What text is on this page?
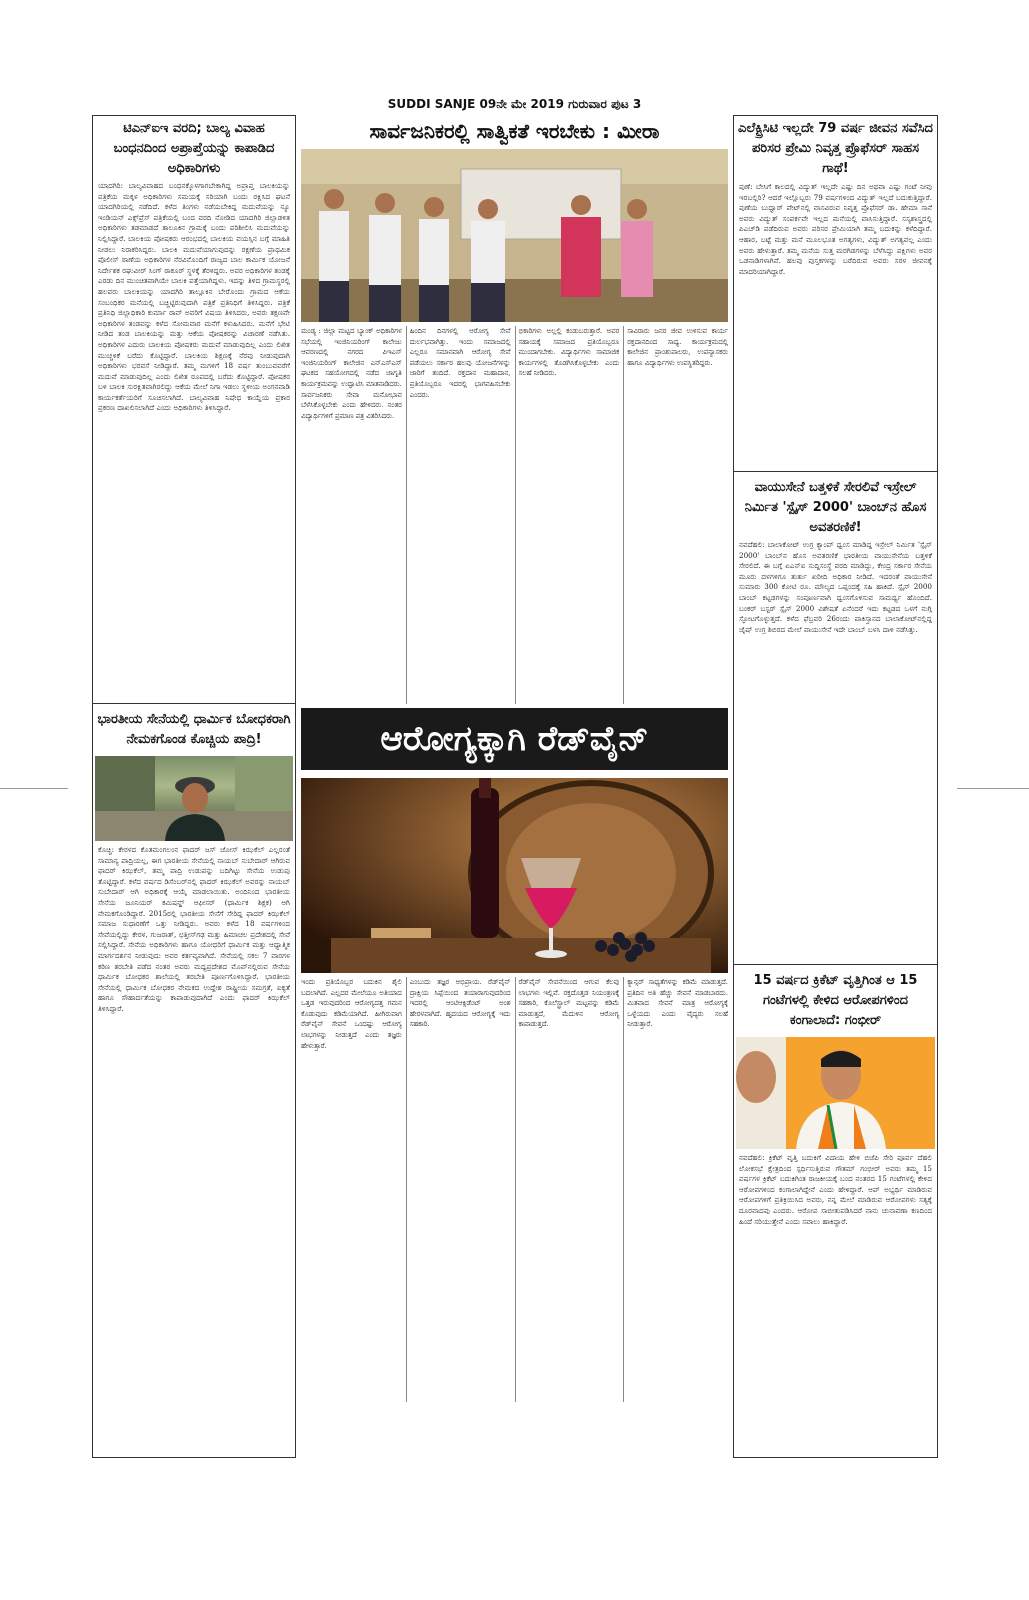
SUDDI SANJE 09ನೇ ಮೇ 2019 ಗುರುವಾರ ಪುಟ 3
ಟಿಎನ್‌ಐಇ ವರದಿ; ಬಾಲ್ಯ ವಿವಾಹ ಬಂಧನದಿಂದ ಅಪ್ರಾಪ್ತೆಯನ್ನು ಕಾಪಾಡಿದ ಅಧಿಕಾರಿಗಳು

ಯಾದಗಿರಿ: ಬಾಲ್ಯವಿವಾಹದ ಬಂಧನಕ್ಕೊಳಗಾಗಬೇಕಾಗಿದ್ದ ಅಪ್ರಾಪ್ತ ಬಾಲಕಿಯನ್ನು ಪತ್ರಿಕೆಯ ಮಕ್ಕಳ ಅಧಿಕಾರಿಗಳು ಸಮಯಕ್ಕೆ ಸರಿಯಾಗಿ ಬಂದು ರಕ್ಷಿಸಿದ ಘಟನೆ ಯಾದಗಿರಿಯಲ್ಲಿ ನಡೆದಿದೆ. ಕಳೆದ ತಿಂಗಳು ನಡೆಯಬೇಕಿದ್ದ ಮದುವೆಯನ್ನು ನ್ಯೂ ಇಂಡಿಯನ್ ಎಕ್ಸ್‌ಪ್ರೆಸ್ ಪತ್ರಿಕೆಯಲ್ಲಿ ಬಂದ ವರದಿ ನೋಡಿದ ಯಾದಗಿರಿ ಜಿಲ್ಲಾಡಳಿತ ಅಧಿಕಾರಿಗಳು ತಡಮಾಡದೆ ತಾಲೂಕಿನ ಗ್ರಾಮಕ್ಕೆ ಬಂದು ಪರಿಶೀಲಿಸಿ ಮದುವೆಯನ್ನು ನಿಲ್ಲಿಸಿದ್ದಾರೆ. ಬಾಲಕಿಯ ಪೋಷಕರು ಆರಂಭದಲ್ಲಿ ಬಾಲಕಿಯ ವಯಸ್ಸಿನ ಬಗ್ಗೆ ಮಾಹಿತಿ ನೀಡಲು ನಿರಾಕರಿಸಿದ್ದರು. ಬಾಲಕಿ ಮದುವೆಯಾಗುವುದನ್ನು ರಕ್ಷಣೆಯ ಪ್ರಾಥಮಿಕ ಪೊಲೀಸ್ ಠಾಣೆಯ ಅಧಿಕಾರಿಗಳ ನೆರವಿನೊಂದಿಗೆ ರಾಜ್ಯದ ಬಾಲ ಕಾರ್ಮಿಕ ಯೋಜನೆ ನಿರ್ದೇಶಕ ರಘುವೀರ್ ಸಿಂಗ್ ಠಾಕೂರ್ ಸ್ಥಳಕ್ಕೆ ತೆರಳಿದ್ದರು. ಅವರ ಅಧಿಕಾರಿಗಳ ತಂಡಕ್ಕೆ ಎರಡು ದಿನ ಮುಂಚಿತವಾಗಿಯೇ ಬಾಲಕಿ ಪತ್ತೆಯಾಗಿದ್ದಳು. ಇದನ್ನು ತಿಳಿದ ಗ್ರಾಮಸ್ಥರಲ್ಲಿ ಹಲವರು ಬಾಲಕಿಯನ್ನು ಯಾದಗಿರಿ ತಾಲ್ಲೂಕಿನ ಬೇರೊಂದು ಗ್ರಾಮದ ಆಕೆಯ ಸಂಬಂಧಿಕರ ಮನೆಯಲ್ಲಿ ಬಚ್ಚಿಟ್ಟಿರುವುದಾಗಿ ಪತ್ರಿಕೆ ಪ್ರತಿನಿಧಿಗೆ ತಿಳಿಸಿದ್ದರು. ಪತ್ರಿಕೆ ಪ್ರತಿನಿಧಿ ಜಿಲ್ಲಾಧಿಕಾರಿ ಕುರ್ಮಾ ರಾವ್ ಅವರಿಗೆ ವಿಷಯ ತಿಳಿಸಿದರು, ಅವರು ತಕ್ಷಣವೇ ಅಧಿಕಾರಿಗಳ ತಂಡವನ್ನು ಕಳೆದ ಸೋಮವಾರ ಮನೆಗೆ ಕಳುಹಿಸಿದರು. ಮನೆಗೆ ಭೇಟಿ ನೀಡಿದ ತಂಡ ಬಾಲಕಿಯನ್ನು ಮತ್ತು ಆಕೆಯ ಪೋಷಕರನ್ನು ವಿಚಾರಣೆ ನಡೆಸಿತು. ಅಧಿಕಾರಿಗಳ ಎದುರು ಬಾಲಕಿಯ ಪೋಷಕರು ಮದುವೆ ಮಾಡುವುದಿಲ್ಲ ಎಂದು ಲಿಖಿತ ಮುಚ್ಚಳಿಕೆ ಬರೆದು ಕೊಟ್ಟಿದ್ದಾರೆ. ಬಾಲಕಿಯ ಶಿಕ್ಷಣಕ್ಕೆ ನೆರವು ನೀಡುವುದಾಗಿ ಅಧಿಕಾರಿಗಳು ಭರವಸೆ ನೀಡಿದ್ದಾರೆ. ತಮ್ಮ ಮಗಳಿಗೆ 18 ವರ್ಷ ತುಂಬುವವರೆಗೆ ಮದುವೆ ಮಾಡುವುದಿಲ್ಲ ಎಂದು ಲಿಖಿತ ರೂಪದಲ್ಲಿ ಬರೆದು ಕೊಟ್ಟಿದ್ದಾರೆ. ಪೋಷಕರ ಬಳಿ ಬಾಲಕಿ ಸುರಕ್ಷಿತವಾಗಿರಲಿದ್ದು ಆಕೆಯ ಮೇಲೆ ನಿಗಾ ಇಡಲು ಸ್ಥಳೀಯ ಅಂಗನವಾಡಿ ಕಾರ್ಯಕರ್ತೆಯರಿಗೆ ಸೂಚಿಸಲಾಗಿದೆ. ಬಾಲ್ಯವಿವಾಹ ನಿಷೇಧ ಕಾಯ್ದೆಯ ಪ್ರಕಾರ ಪ್ರಕರಣ ದಾಖಲಿಸಲಾಗಿದೆ ಎಂದು ಅಧಿಕಾರಿಗಳು ತಿಳಿಸಿದ್ದಾರೆ.

ಭಾರತೀಯ ಸೇನೆಯಲ್ಲಿ ಧಾರ್ಮಿಕ ಬೋಧಕರಾಗಿ ನೇಮಕಗೊಂಡ ಕೊಚ್ಚಿಯ ಪಾದ್ರಿ!

ಕೊಚ್ಚಿ: ಕೇರಳದ ಕೊತಮಂಗಲಂನ ಫಾದರ್ ಜಸ್ ಜೋಸ್ ಕಿಝಕೆಲ್ ಎಲ್ಲರಂತೆ ಸಾಮಾನ್ಯ ಪಾದ್ರಿಯಲ್ಲ, ಈಗ ಭಾರತೀಯ ಸೇನೆಯಲ್ಲಿ ನಾಯಬ್ ಸುಬೇದಾರ್ ಆಗಿರುವ ಫಾದರ್ ಕಿಝಕೆಲ್, ತಮ್ಮ ಪಾದ್ರಿ ಉಡುಪನ್ನು ಬದಿಗಿಟ್ಟು ಸೇನೆಯ ಉಡುಪು ತೊಟ್ಟಿದ್ದಾರೆ. ಕಳೆದ ವರ್ಷದ ಡಿಸೆಂಬರ್‌ನಲ್ಲಿ ಫಾದರ್ ಕಿಝಕೆಲ್ ಅವರನ್ನು ನಾಯಬ್ ಸುಬೇದಾರ್ ಆಗಿ ಅಧಿಕಾರಕ್ಕೆ ಆಯ್ಕೆ ಮಾಡಲಾಯಿತು. ಅಂದಿನಿಂದ ಭಾರತೀಯ ಸೇನೆಯ ಜೂನಿಯರ್ ಕಮಿಷನ್ಡ್ ಆಫೀಸರ್ (ಧಾರ್ಮಿಕ ಶಿಕ್ಷಕ) ಆಗಿ ನೇಮಕಗೊಂಡಿದ್ದಾರೆ. 2015ರಲ್ಲಿ ಭಾರತೀಯ ಸೇನೆಗೆ ಸೇರಿದ್ದ ಫಾದರ್ ಕಿಝಕೆಲ್ ಸಮಾಜ ಸುಧಾರಣೆಗೆ ಒತ್ತು ನೀಡಿದ್ದರು. ಅವರು ಕಳೆದ 18 ವರ್ಷಗಳಿಂದ ಸೇವೆಯಲ್ಲಿದ್ದು ಕೇರಳ, ಗುಜರಾತ್, ಛತ್ತೀಸ್‌ಗಢ ಮತ್ತು ಹಿಮಾಚಲ ಪ್ರದೇಶದಲ್ಲಿ ಸೇವೆ ಸಲ್ಲಿಸಿದ್ದಾರೆ. ಸೇನೆಯ ಅಧಿಕಾರಿಗಳು ಹಾಗೂ ಯೋಧರಿಗೆ ಧಾರ್ಮಿಕ ಮತ್ತು ಆಧ್ಯಾತ್ಮಿಕ ಮಾರ್ಗದರ್ಶನ ನೀಡುವುದು ಅವರ ಕರ್ತವ್ಯವಾಗಿದೆ. ಸೇನೆಯಲ್ಲಿ ಸಕಲ 7 ವಾರಗಳ ಕಠಿಣ ತರಬೇತಿ ಪಡೆದ ನಂತರ ಅವರು ಮಧ್ಯಪ್ರದೇಶದ ಮೊವ್‌ನಲ್ಲಿರುವ ಸೇನೆಯ ಧಾರ್ಮಿಕ ಬೋಧಕರ ಶಾಲೆಯಲ್ಲಿ ತರಬೇತಿ ಪೂರ್ಣಗೊಳಿಸಿದ್ದಾರೆ. ಭಾರತೀಯ ಸೇನೆಯಲ್ಲಿ ಧಾರ್ಮಿಕ ಬೋಧಕರ ನೇಮಕದ ಉದ್ದೇಶ ರಾಷ್ಟ್ರೀಯ ಸಮಗ್ರತೆ, ಐಕ್ಯತೆ ಹಾಗೂ ಸೌಹಾರ್ದತೆಯನ್ನು ಕಾಪಾಡುವುದಾಗಿದೆ ಎಂದು ಫಾದರ್ ಕಿಝಕೆಲ್ ತಿಳಿಸಿದ್ದಾರೆ.

ಸಾರ್ವಜನಿಕರಲ್ಲಿ ಸಾತ್ವಿಕತೆ ಇರಬೇಕು : ಮೀರಾ
ಮಂಡ್ಯ : ಜಿಲ್ಲಾ ಮಟ್ಟದ ಬ್ಯಾಂಕ್ ಅಧಿಕಾರಿಗಳ ಸಭೆಯಲ್ಲಿ ಇಂಜಿನಿಯರಿಂಗ್ ಕಾಲೇಜು ಆವರಣದಲ್ಲಿ ನಗರದ ಪಿಇಎಸ್ ಇಂಜಿನಿಯರಿಂಗ್ ಕಾಲೇಜಿನ ಎನ್‌ಎಸ್‌ಎಸ್ ಘಟಕದ ಸಹಯೋಗದಲ್ಲಿ ನಡೆದ ಜಾಗೃತಿ ಕಾರ್ಯಕ್ರಮವನ್ನು ಉದ್ಘಾಟಿಸಿ ಮಾತನಾಡಿದರು. ಸಾರ್ವಜನಿಕರು ಸೇವಾ ಮನೋಭಾವ ಬೆಳೆಸಿಕೊಳ್ಳಬೇಕು ಎಂದು ಹೇಳಿದರು. ನಂತರ ವಿದ್ಯಾರ್ಥಿಗಳಿಗೆ ಪ್ರಮಾಣ ಪತ್ರ ವಿತರಿಸಿದರು.
ಹಿಂದಿನ ದಿನಗಳಲ್ಲಿ ಆರೋಗ್ಯ ಸೇವೆ ದುರ್ಲಭವಾಗಿತ್ತು. ಇಂದು ಸಮಾಜದಲ್ಲಿ ಎಲ್ಲರೂ ಸಮಾನವಾಗಿ ಆರೋಗ್ಯ ಸೇವೆ ಪಡೆಯಲು ಸರ್ಕಾರ ಹಲವು ಯೋಜನೆಗಳನ್ನು ಜಾರಿಗೆ ತಂದಿದೆ. ರಕ್ತದಾನ ಮಹಾದಾನ, ಪ್ರತಿಯೊಬ್ಬರೂ ಇದರಲ್ಲಿ ಭಾಗವಹಿಸಬೇಕು ಎಂದರು.
ಭಿಕಾರಿಗಳು ಅಲ್ಲಲ್ಲಿ ಕಂಡುಬರುತ್ತಾರೆ. ಅವರ ಸಹಾಯಕ್ಕೆ ಸಮಾಜದ ಪ್ರತಿಯೊಬ್ಬರೂ ಮುಂದಾಗಬೇಕು. ವಿದ್ಯಾರ್ಥಿಗಳು ಸಾಮಾಜಿಕ ಕಾರ್ಯಗಳಲ್ಲಿ ತೊಡಗಿಸಿಕೊಳ್ಳಬೇಕು ಎಂದು ಸಲಹೆ ನೀಡಿದರು.
ಸಾವಿರಾರು ಜನರ ಜೀವ ಉಳಿಸುವ ಕಾರ್ಯ ರಕ್ತದಾನದಿಂದ ಸಾಧ್ಯ. ಕಾರ್ಯಕ್ರಮದಲ್ಲಿ ಕಾಲೇಜಿನ ಪ್ರಾಂಶುಪಾಲರು, ಉಪನ್ಯಾಸಕರು ಹಾಗೂ ವಿದ್ಯಾರ್ಥಿಗಳು ಉಪಸ್ಥಿತರಿದ್ದರು.
ಆರೋಗ್ಯಕ್ಕಾಗಿ ರೆಡ್‌ವೈನ್
ಇಂದು ಪ್ರತಿಯೊಬ್ಬರ ಬದುಕಿನ ಶೈಲಿ ಬದಲಾಗಿದೆ. ಎಲ್ಲದರ ಮೇಲೆಯೂ ಅತಿಯಾದ ಒತ್ತಡ ಇರುವುದರಿಂದ ಆರೋಗ್ಯದತ್ತ ಗಮನ ಕೊಡುವುದು ಕಡಿಮೆಯಾಗಿದೆ. ಹೀಗಿರುವಾಗ ರೆಡ್‌ವೈನ್ ಸೇವನೆ ಒಂದಷ್ಟು ಆರೋಗ್ಯ ಲಾಭಗಳನ್ನು ನೀಡುತ್ತದೆ ಎಂದು ತಜ್ಞರು ಹೇಳುತ್ತಾರೆ.
ಎಂಬುದು ತಜ್ಞರ ಅಭಿಪ್ರಾಯ. ರೆಡ್‌ವೈನ್ ದ್ರಾಕ್ಷಿಯ ಸಿಪ್ಪೆಯಿಂದ ತಯಾರಾಗುವುದರಿಂದ ಇದರಲ್ಲಿ ಆಂಟಿಆಕ್ಸಿಡೆಂಟ್ ಅಂಶ ಹೇರಳವಾಗಿದೆ. ಹೃದಯದ ಆರೋಗ್ಯಕ್ಕೆ ಇದು ಸಹಕಾರಿ.
ರೆಡ್‌ವೈನ್ ಸೇವನೆಯಿಂದ ಆಗುವ ಕೆಲವು ಲಾಭಗಳು ಇಲ್ಲಿವೆ. ರಕ್ತದೊತ್ತಡ ನಿಯಂತ್ರಣಕ್ಕೆ ಸಹಕಾರಿ, ಕೊಲೆಸ್ಟ್ರಾಲ್ ಮಟ್ಟವನ್ನು ಕಡಿಮೆ ಮಾಡುತ್ತದೆ, ಮೆದುಳಿನ ಆರೋಗ್ಯ ಕಾಪಾಡುತ್ತದೆ.
ಕ್ಯಾನ್ಸರ್ ಸಾಧ್ಯತೆಗಳನ್ನು ಕಡಿಮೆ ಮಾಡುತ್ತದೆ. ಪ್ರತಿದಿನ ಅತಿ ಹೆಚ್ಚು ಸೇವನೆ ಮಾಡಬಾರದು. ಮಿತವಾದ ಸೇವನೆ ಮಾತ್ರ ಆರೋಗ್ಯಕ್ಕೆ ಒಳ್ಳೆಯದು ಎಂದು ವೈದ್ಯರು ಸಲಹೆ ನೀಡುತ್ತಾರೆ.
ಎಲೆಕ್ಟ್ರಿಸಿಟಿ ಇಲ್ಲದೇ 79 ವರ್ಷ ಜೀವನ ಸವೆಸಿದ ಪರಿಸರ ಪ್ರೇಮಿ ನಿವೃತ್ತ ಪ್ರೊಫೆಸರ್ ಸಾಹಸ ಗಾಥೆ!

ಪುಣೆ: ಬೇಸಿಗೆ ಕಾಲದಲ್ಲಿ ವಿದ್ಯುತ್ ಇಲ್ಲದೇ ಎಷ್ಟು ದಿನ ಅಥವಾ ಎಷ್ಟು ಗಂಟೆ ನೀವು ಇರಬಲ್ಲಿರಿ? ಆದರೆ ಇಲ್ಲೊಬ್ಬರು 79 ವರ್ಷಗಳಿಂದ ವಿದ್ಯುತ್ ಇಲ್ಲದೆ ಬದುಕುತ್ತಿದ್ದಾರೆ. ಪುಣೆಯ ಬುಧ್ವಾರ್ ಪೇಟ್‌ನಲ್ಲಿ ವಾಸವಿರುವ ನಿವೃತ್ತ ಪ್ರೊಫೆಸರ್ ಡಾ. ಹೇಮಾ ಸಾನೆ ಅವರು ವಿದ್ಯುತ್ ಸಂಪರ್ಕವೇ ಇಲ್ಲದ ಮನೆಯಲ್ಲಿ ವಾಸಿಸುತ್ತಿದ್ದಾರೆ. ಸಸ್ಯಶಾಸ್ತ್ರದಲ್ಲಿ ಪಿಎಚ್‌ಡಿ ಪಡೆದಿರುವ ಅವರು ಪರಿಸರ ಪ್ರೇಮಿಯಾಗಿ ತಮ್ಮ ಬದುಕನ್ನು ಕಳೆದಿದ್ದಾರೆ. ಆಹಾರ, ಬಟ್ಟೆ ಮತ್ತು ಮನೆ ಮೂಲಭೂತ ಅಗತ್ಯಗಳು, ವಿದ್ಯುತ್ ಅಗತ್ಯವಲ್ಲ ಎಂದು ಅವರು ಹೇಳುತ್ತಾರೆ. ತಮ್ಮ ಮನೆಯ ಸುತ್ತ ಮರಗಿಡಗಳನ್ನು ಬೆಳೆಸಿದ್ದು ಪಕ್ಷಿಗಳು ಅವರ ಒಡನಾಡಿಗಳಾಗಿವೆ. ಹಲವು ಪುಸ್ತಕಗಳನ್ನು ಬರೆದಿರುವ ಅವರು ಸರಳ ಜೀವನಕ್ಕೆ ಮಾದರಿಯಾಗಿದ್ದಾರೆ.

ವಾಯುಸೇನೆ ಬತ್ತಳಿಕೆ ಸೇರಲಿವೆ ಇಸ್ರೇಲ್ ನಿರ್ಮಿತ 'ಸ್ಪೈಸ್ 2000' ಬಾಂಬ್‌ನ ಹೊಸ ಅವತರಣಿಕೆ!

ನವದೆಹಲಿ: ಬಾಲಾಕೋಟ್ ಉಗ್ರ ಕ್ಯಾಂಪ್ ಧ್ವಂಸ ಮಾಡಿದ್ದ ಇಸ್ರೇಲ್ ನಿರ್ಮಿತ 'ಸ್ಪೈಸ್ 2000' ಬಾಂಬ್‌ನ ಹೊಸ ಅವತರಣಿಕೆ ಭಾರತೀಯ ವಾಯುಸೇನೆಯ ಬತ್ತಳಿಕೆ ಸೇರಲಿದೆ. ಈ ಬಗ್ಗೆ ಏಎನ್‌ಐ ಸುದ್ದಿಸಂಸ್ಥೆ ವರದಿ ಮಾಡಿದ್ದು, ಕೇಂದ್ರ ಸರ್ಕಾರ ಸೇನೆಯ ಮೂರು ದಳಗಳಿಗೂ ತುರ್ತು ಖರೀದಿ ಅಧಿಕಾರ ನೀಡಿದೆ. ಇದರಂತೆ ವಾಯುಸೇನೆ ಸುಮಾರು 300 ಕೋಟಿ ರೂ. ಮೌಲ್ಯದ ಒಪ್ಪಂದಕ್ಕೆ ಸಹಿ ಹಾಕಿದೆ. ಸ್ಪೈಸ್ 2000 ಬಾಂಬ್ ಕಟ್ಟಡಗಳನ್ನು ಸಂಪೂರ್ಣವಾಗಿ ಧ್ವಂಸಗೊಳಿಸುವ ಸಾಮರ್ಥ್ಯ ಹೊಂದಿದೆ. ಬಂಕರ್ ಬಸ್ಟರ್ ಸ್ಪೈಸ್ 2000 ವಿಶೇಷತೆ ಏನೆಂದರೆ ಇದು ಕಟ್ಟಡದ ಒಳಗೆ ನುಗ್ಗಿ ಸ್ಫೋಟಗೊಳ್ಳುತ್ತದೆ. ಕಳೆದ ಫೆಬ್ರವರಿ 26ರಂದು ಪಾಕಿಸ್ತಾನದ ಬಾಲಾಕೋಟ್‌ನಲ್ಲಿದ್ದ ಜೈಷ್ ಉಗ್ರ ಶಿಬಿರದ ಮೇಲೆ ವಾಯುಸೇನೆ ಇದೇ ಬಾಂಬ್ ಬಳಸಿ ದಾಳಿ ನಡೆಸಿತ್ತು.

15 ವರ್ಷದ ಕ್ರಿಕೆಟ್ ವೃತ್ತಿಗಿಂತ ಆ 15 ಗಂಟೆಗಳಲ್ಲಿ ಕೇಳಿದ ಆರೋಪಗಳಿಂದ ಕಂಗಾಲಾದೆ: ಗಂಭೀರ್

ನವದೆಹಲಿ: ಕ್ರಿಕೆಟ್ ವೃತ್ತಿ ಬದುಕಿಗೆ ವಿದಾಯ ಹೇಳಿ ಬಿಜೆಪಿ ಸೇರಿ ಪೂರ್ವ ದೆಹಲಿ ಲೋಕಸಭೆ ಕ್ಷೇತ್ರದಿಂದ ಸ್ಪರ್ಧಿಸುತ್ತಿರುವ ಗೌತಮ್ ಗಂಭೀರ್ ಅವರು ತಮ್ಮ 15 ವರ್ಷಗಳ ಕ್ರಿಕೆಟ್ ಬದುಕಿಗಿಂತ ರಾಜಕೀಯಕ್ಕೆ ಬಂದ ನಂತರದ 15 ಗಂಟೆಗಳಲ್ಲಿ ಕೇಳಿದ ಆರೋಪಗಳಿಂದ ಕಂಗಾಲಾಗಿದ್ದೇನೆ ಎಂದು ಹೇಳಿದ್ದಾರೆ. ಆಪ್ ಅಭ್ಯರ್ಥಿ ಮಾಡಿರುವ ಆರೋಪಗಳಿಗೆ ಪ್ರತಿಕ್ರಿಯಿಸಿದ ಅವರು, ನನ್ನ ಮೇಲೆ ಮಾಡಿರುವ ಆರೋಪಗಳು ಸತ್ಯಕ್ಕೆ ದೂರವಾದವು ಎಂದರು. ಆರೋಪ ಸಾಬೀತುಪಡಿಸಿದರೆ ನಾನು ಚುನಾವಣಾ ಕಣದಿಂದ ಹಿಂದೆ ಸರಿಯುತ್ತೇನೆ ಎಂದು ಸವಾಲು ಹಾಕಿದ್ದಾರೆ.
